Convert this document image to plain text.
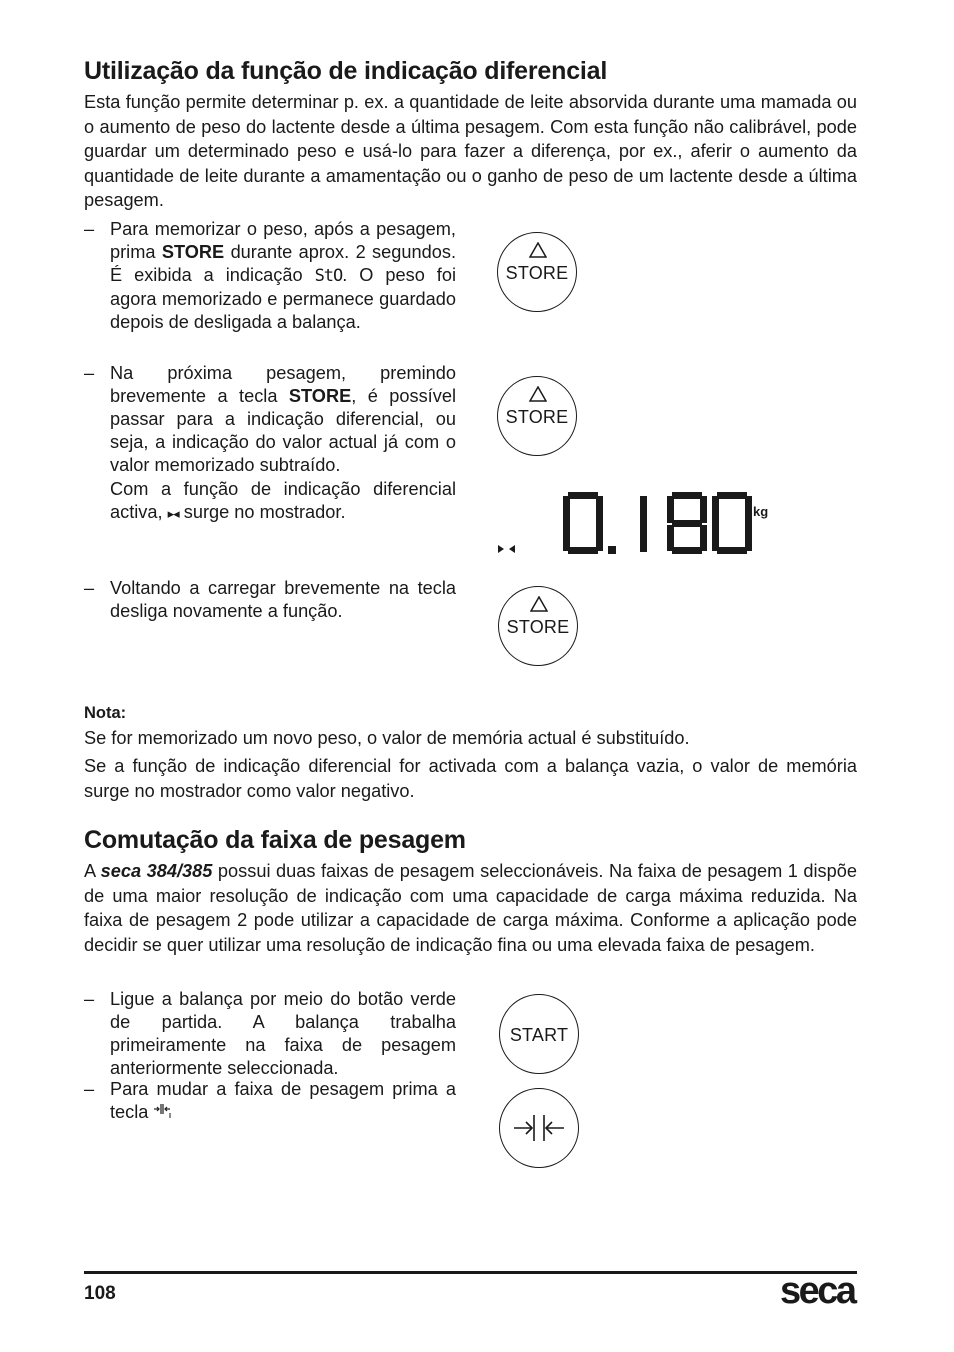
Utilização da função de indicação diferencial
Esta função permite determinar p. ex. a quantidade de leite absorvida durante uma mamada ou o aumento de peso do lactente desde a última pesagem. Com esta função não calibrável, pode guardar um determinado peso e usá-lo para fazer a diferença, por ex., aferir o aumento da quantidade de leite durante a amamentação ou o ganho de peso de um lactente desde a última pesagem.
– Para memorizar o peso, após a pesagem, prima STORE durante aprox. 2 segundos. É exibida a indicação StO. O peso foi agora memorizado e permanece guardado depois de desligada a balança.
– Na próxima pesagem, premindo brevemente a tecla STORE, é possível passar para a indicação diferencial, ou seja, a indicação do valor actual já com o valor memorizado subtraído.
Com a função de indicação diferencial activa, ▸◂ surge no mostrador.
– Voltando a carregar brevemente na tecla desliga novamente a função.
STORE
STORE
STORE
kg
Nota:
Se for memorizado um novo peso, o valor de memória actual é substituído.
Se a função de indicação diferencial for activada com a balança vazia, o valor de memória surge no mostrador como valor negativo.
Comutação da faixa de pesagem
A seca 384/385 possui duas faixas de pesagem seleccionáveis. Na faixa de pesagem 1 dispõe de uma maior resolução de indicação com uma capacidade de carga máxima reduzida. Na faixa de pesagem 2 pode utilizar a capacidade de carga máxima. Conforme a aplicação pode decidir se quer utilizar uma resolução de indicação fina ou uma elevada faixa de pesagem.
– Ligue a balança por meio do botão verde de partida. A balança trabalha primeiramente na faixa de pesagem anteriormente seleccionada.
– Para mudar a faixa de pesagem prima a tecla
START
108	seca
